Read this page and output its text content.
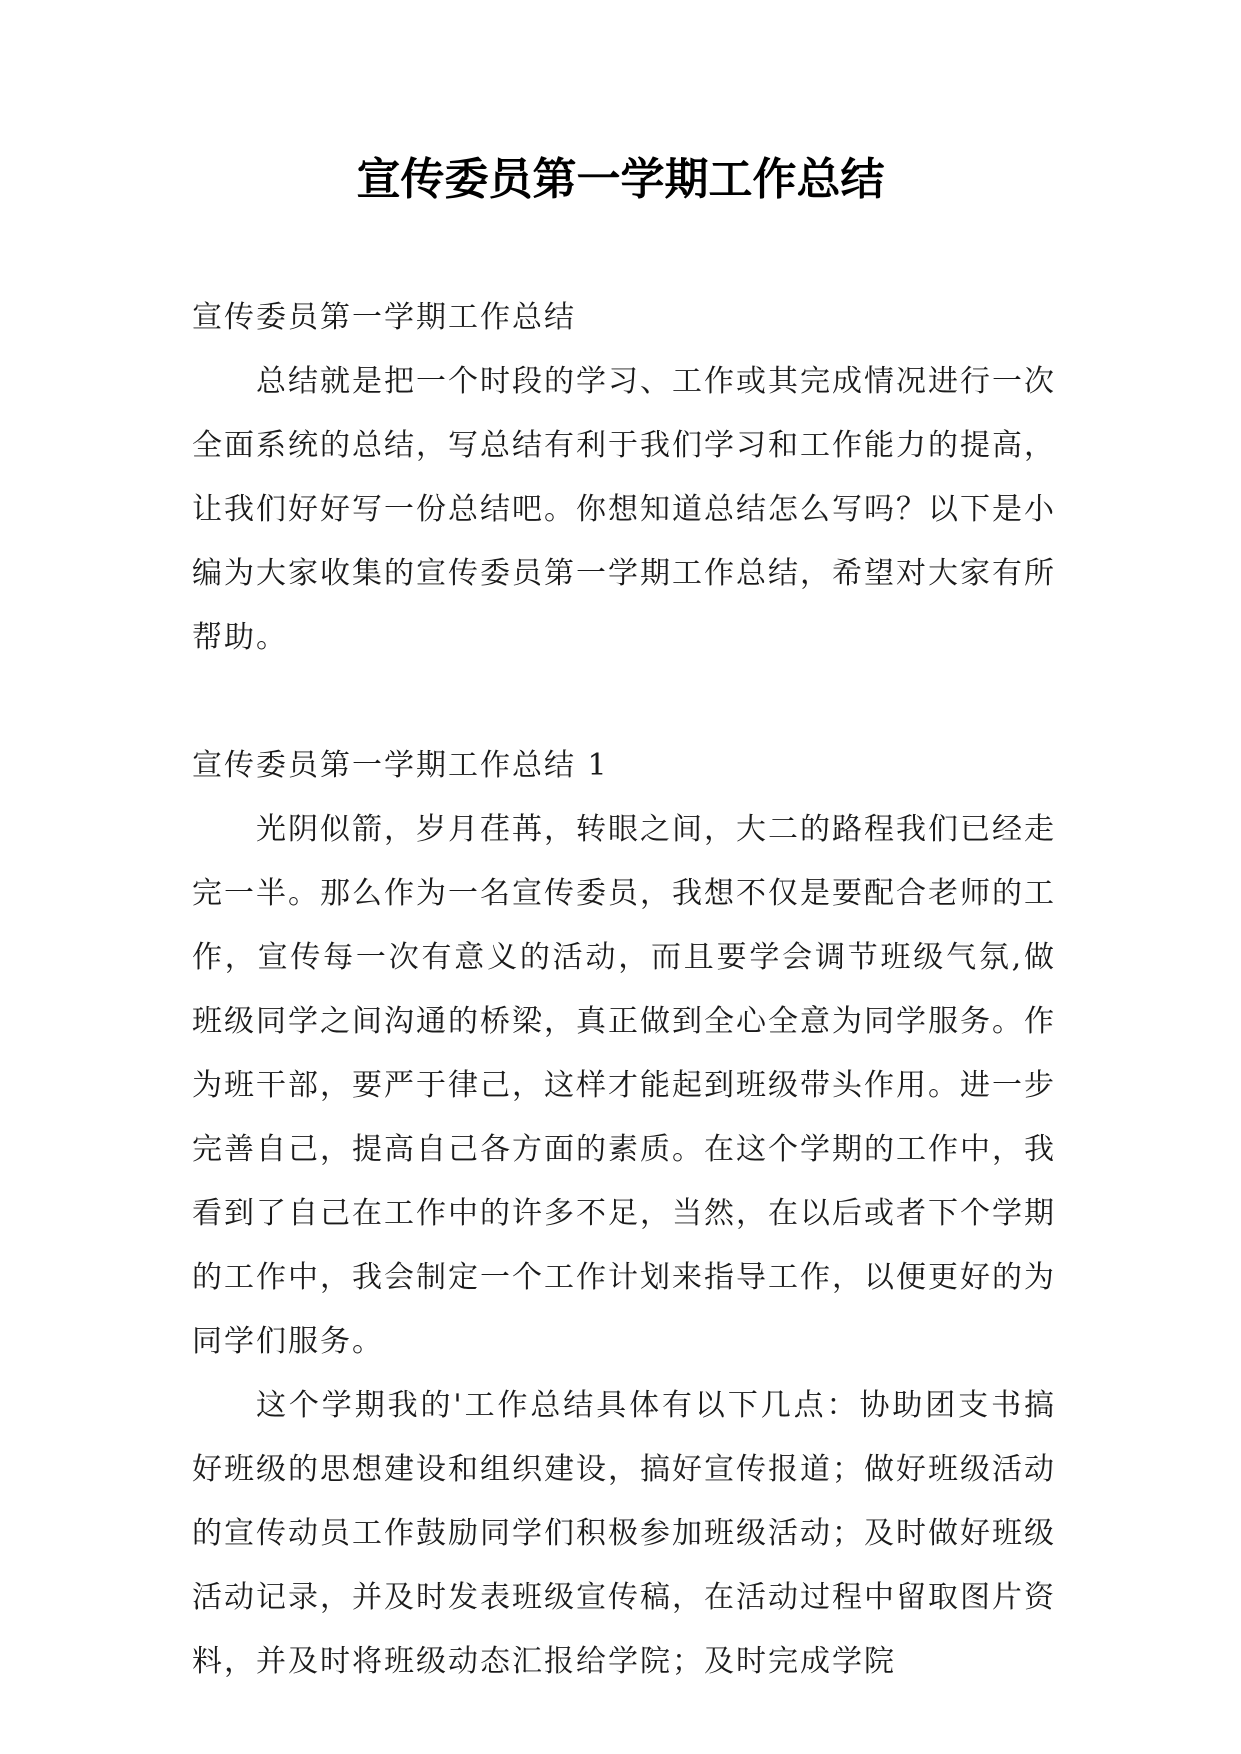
宣传委员第一学期工作总结

宣传委员第一学期工作总结

总结就是把一个时段的学习、工作或其完成情况进行一次全面系统的总结，写总结有利于我们学习和工作能力的提高，让我们好好写一份总结吧。你想知道总结怎么写吗？以下是小编为大家收集的宣传委员第一学期工作总结，希望对大家有所帮助。

宣传委员第一学期工作总结 1

光阴似箭，岁月荏苒，转眼之间，大二的路程我们已经走完一半。那么作为一名宣传委员，我想不仅是要配合老师的工作，宣传每一次有意义的活动，而且要学会调节班级气氛,做班级同学之间沟通的桥梁，真正做到全心全意为同学服务。作为班干部，要严于律己，这样才能起到班级带头作用。进一步完善自己，提高自己各方面的素质。在这个学期的工作中，我看到了自己在工作中的许多不足，当然，在以后或者下个学期的工作中，我会制定一个工作计划来指导工作，以便更好的为同学们服务。

这个学期我的'工作总结具体有以下几点：协助团支书搞好班级的思想建设和组织建设，搞好宣传报道；做好班级活动的宣传动员工作鼓励同学们积极参加班级活动；及时做好班级活动记录，并及时发表班级宣传稿，在活动过程中留取图片资料，并及时将班级动态汇报给学院；及时完成学院
